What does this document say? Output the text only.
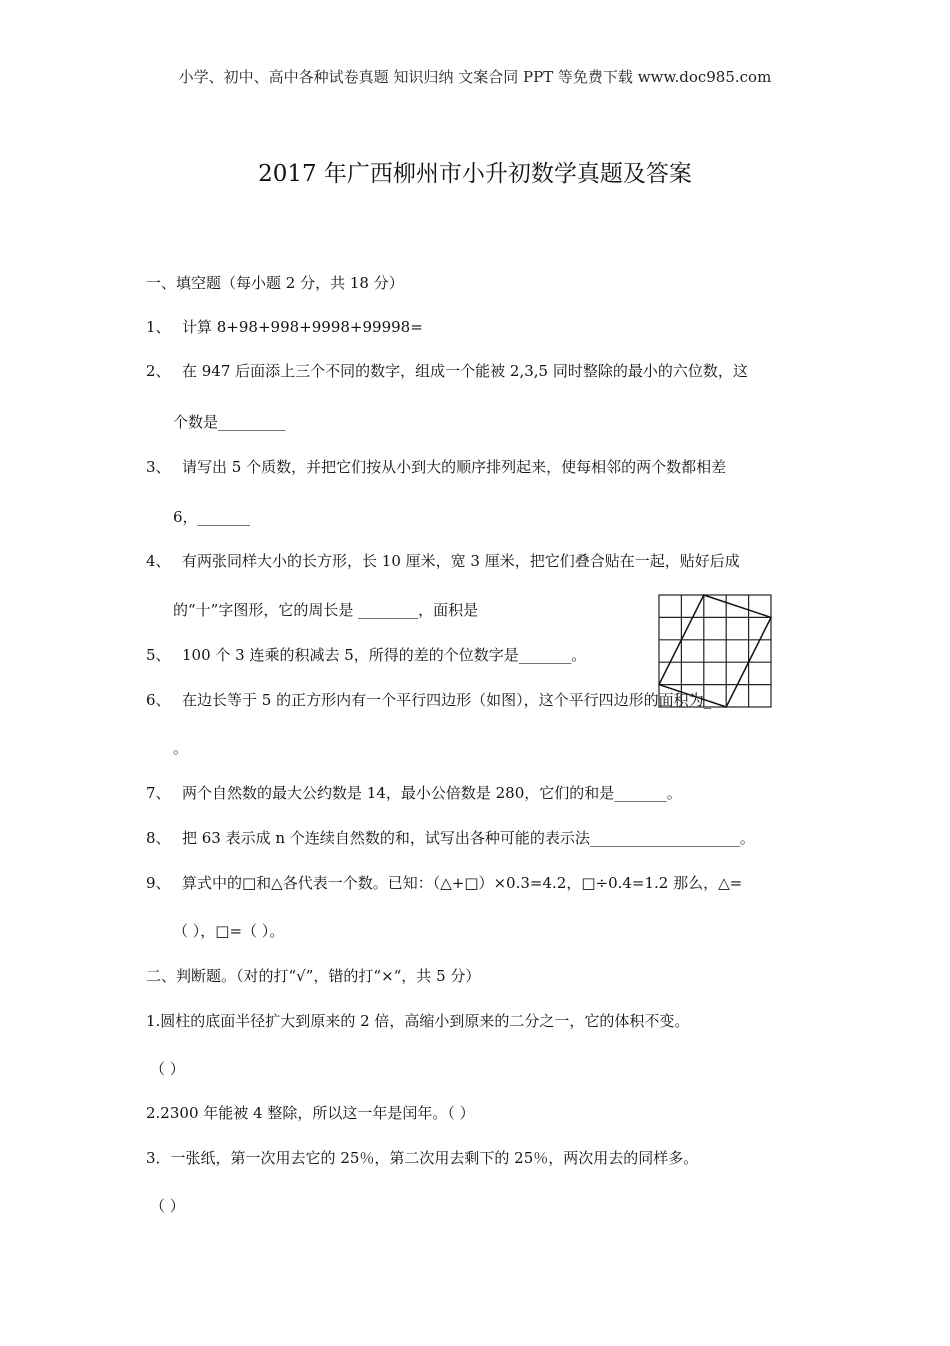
小学、初中、高中各种试卷真题 知识归纳 文案合同 PPT 等免费下载 www.doc985.com
2017 年广西柳州市小升初数学真题及答案
一、填空题（每小题 2 分，共 18 分）
1、 计算 8+98+998+9998+99998=
2、 在 947 后面添上三个不同的数字，组成一个能被 2,3,5 同时整除的最小的六位数，这
个数是_________
3、 请写出 5 个质数，并把它们按从小到大的顺序排列起来，使每相邻的两个数都相差
6，_______
4、 有两张同样大小的长方形，长 10 厘米，宽 3 厘米，把它们叠合贴在一起，贴好后成
的“十”字图形，它的周长是 ________，面积是
5、 100 个 3 连乘的积减去 5，所得的差的个位数字是_______。
6、 在边长等于 5 的正方形内有一个平行四边形（如图），这个平行四边形的面积为_
。
7、 两个自然数的最大公约数是 14，最小公倍数是 280，它们的和是_______。
8、 把 63 表示成 n 个连续自然数的和，试写出各种可能的表示法____________________。
9、 算式中的□和△各代表一个数。已知：（△+□）×0.3=4.2，□÷0.4=1.2 那么，△=
（ ），□=（ ）。
二、判断题。（对的打“√”，错的打“×“，共 5 分）
1.圆柱的底面半径扩大到原来的 2 倍，高缩小到原来的二分之一，它的体积不变。
（ ）
2.2300 年能被 4 整除，所以这一年是闰年。（ ）
3．一张纸，第一次用去它的 25％，第二次用去剩下的 25％，两次用去的同样多。
（ ）
